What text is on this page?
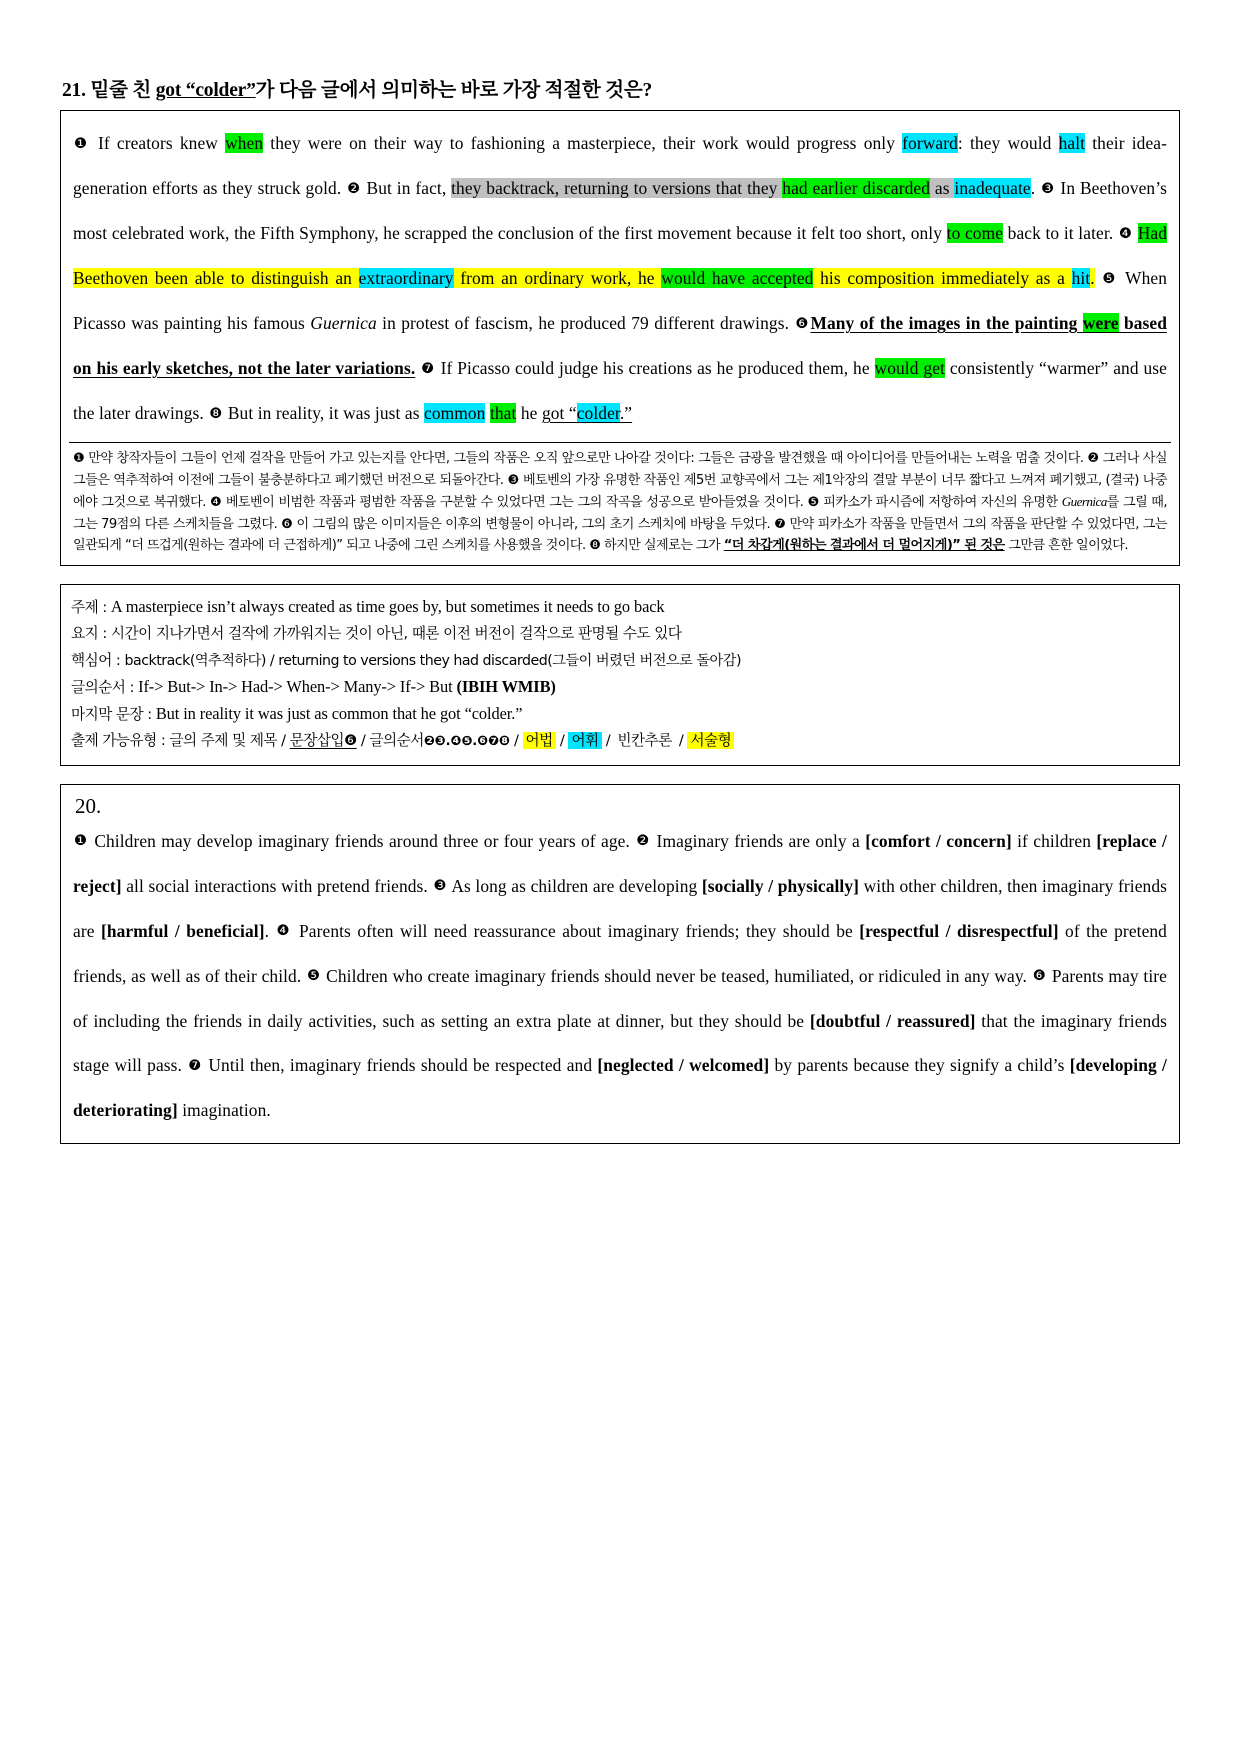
21. 밑줄 친 got “colder”가 다음 글에서 의미하는 바로 가장 적절한 것은?
❶ If creators knew when they were on their way to fashioning a masterpiece, their work would progress only forward: they would halt their idea-generation efforts as they struck gold. ❷ But in fact, they backtrack, returning to versions that they had earlier discarded as inadequate. ❸ In Beethoven’s most celebrated work, the Fifth Symphony, he scrapped the conclusion of the first movement because it felt too short, only to come back to it later. ❹ Had Beethoven been able to distinguish an extraordinary from an ordinary work, he would have accepted his composition immediately as a hit. ❺ When Picasso was painting his famous Guernica in protest of fascism, he produced 79 different drawings. ❻Many of the images in the painting were based on his early sketches, not the later variations. ❼ If Picasso could judge his creations as he produced them, he would get consistently “warmer” and use the later drawings. ❽ But in reality, it was just as common that he got “colder.”
❶ 만약 창작자들이 그들이 언제 걸작을 만들어 가고 있는지를 안다면, 그들의 작품은 오직 앞으로만 나아갈 것이다: 그들은 금광을 발견했을 때 아이디어를 만들어내는 노력을 멈출 것이다. ❷ 그러나 사실 그들은 역추적하여 이전에 그들이 불충분하다고 폐기했던 버전으로 되돌아간다. ❸ 베토벤의 가장 유명한 작품인 제5번 교향곡에서 그는 제1악장의 결말 부분이 너무 짧다고 느껴져 폐기했고, (결국) 나중에야 그것으로 복귀했다. ❹ 베토벤이 비범한 작품과 평범한 작품을 구분할 수 있었다면 그는 그의 작곡을 성공으로 받아들였을 것이다. ❺ 피카소가 파시즘에 저항하여 자신의 유명한 Guernica를 그릴 때, 그는 79점의 다른 스케치들을 그렸다. ❻ 이 그림의 많은 이미지들은 이후의 변형물이 아니라, 그의 초기 스케치에 바탕을 두었다. ❼ 만약 피카소가 작품을 만들면서 그의 작품을 판단할 수 있었다면, 그는 일관되게 “더 뜨겁게(원하는 결과에 더 근접하게)” 되고 나중에 그린 스케치를 사용했을 것이다. ❽ 하지만 실제로는 그가 “더 차갑게(원하는 결과에서 더 멀어지게)” 된 것은 그만큼 흔한 일이었다.
주제 : A masterpiece isn’t always created as time goes by, but sometimes it needs to go back
요지 : 시간이 지나가면서 걸작에 가까워지는 것이 아닌, 때론 이전 버전이 걸작으로 판명될 수도 있다
핵심어 : backtrack(역추적하다) / returning to versions they had discarded(그들이 버렸던 버전으로 돌아감)
글의순서 : If-> But-> In-> Had-> When-> Many-> If-> But (IBIH WMIB)
마지막 문장 : But in reality it was just as common that he got “colder.”
출제 가능유형 : 글의 주제 및 제목 / 문장삽입❻ / 글의순서❷❸.❹❺.❻❼❽ / 어법 / 어휘 / 빈칸추론 / 서술형
20.
❶ Children may develop imaginary friends around three or four years of age. ❷ Imaginary friends are only a [comfort / concern] if children [replace / reject] all social interactions with pretend friends. ❸ As long as children are developing [socially / physically] with other children, then imaginary friends are [harmful / beneficial]. ❹ Parents often will need reassurance about imaginary friends; they should be [respectful / disrespectful] of the pretend friends, as well as of their child. ❺ Children who create imaginary friends should never be teased, humiliated, or ridiculed in any way. ❻ Parents may tire of including the friends in daily activities, such as setting an extra plate at dinner, but they should be [doubtful / reassured] that the imaginary friends stage will pass. ❼ Until then, imaginary friends should be respected and [neglected / welcomed] by parents because they signify a child’s [developing / deteriorating] imagination.
